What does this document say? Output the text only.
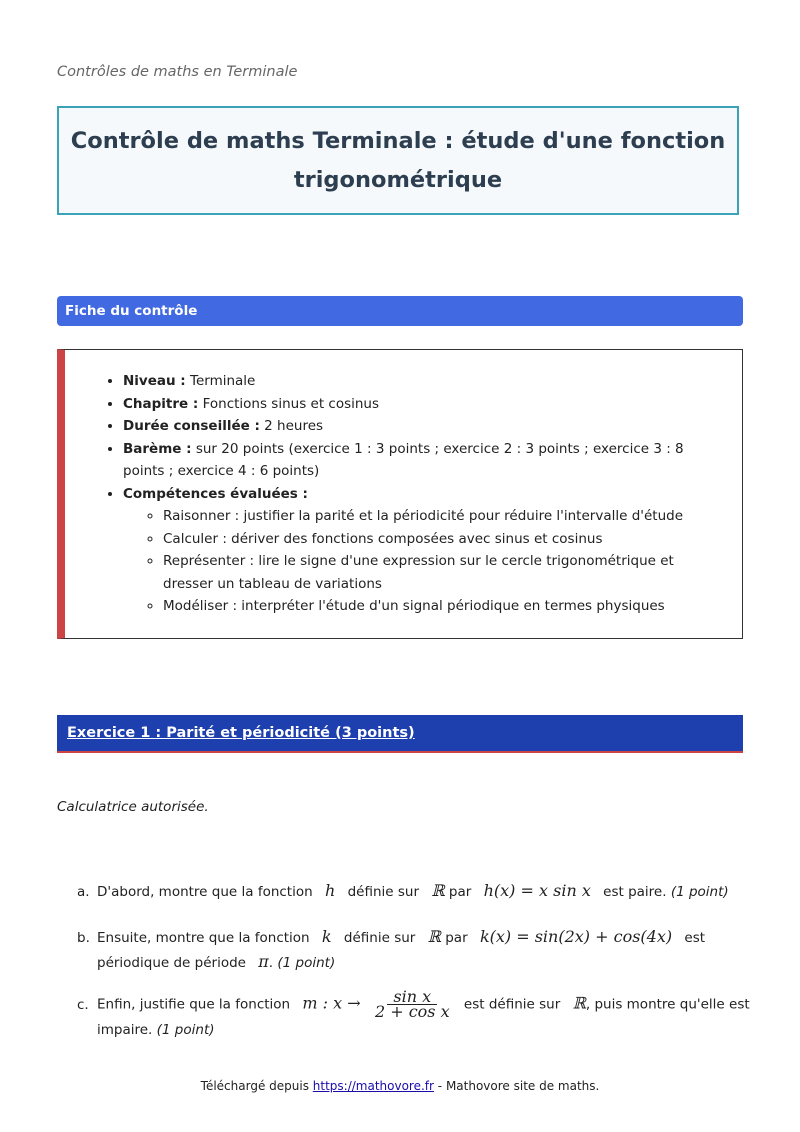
Contrôles de maths en Terminale
Contrôle de maths Terminale : étude d'une fonction
trigonométrique
Fiche du contrôle
• Niveau : Terminale
• Chapitre : Fonctions sinus et cosinus
• Durée conseillée : 2 heures
• Barème : sur 20 points (exercice 1 : 3 points ; exercice 2 : 3 points ; exercice 3 : 8 points ; exercice 4 : 6 points)
• Compétences évaluées :
◦ Raisonner : justifier la parité et la périodicité pour réduire l'intervalle d'étude
◦ Calculer : dériver des fonctions composées avec sinus et cosinus
◦ Représenter : lire le signe d'une expression sur le cercle trigonométrique et dresser un tableau de variations
◦ Modéliser : interpréter l'étude d'un signal périodique en termes physiques
Exercice 1 : Parité et périodicité (3 points)
Calculatrice autorisée.
a. D'abord, montre que la fonction h définie sur ℝ par h(x) = x sin x est paire. (1 point)
b. Ensuite, montre que la fonction k définie sur ℝ par k(x) = sin(2x) + cos(4x) est
périodique de période π. (1 point)
c. Enfin, justifie que la fonction m : $x \to \frac{\text{sin x}}{\text{2 + cos x}}$ est définie sur ℝ, puis montre qu'elle est
impaire. (1 point)
Téléchargé depuis https://mathovore.fr - Mathovore site de maths.
